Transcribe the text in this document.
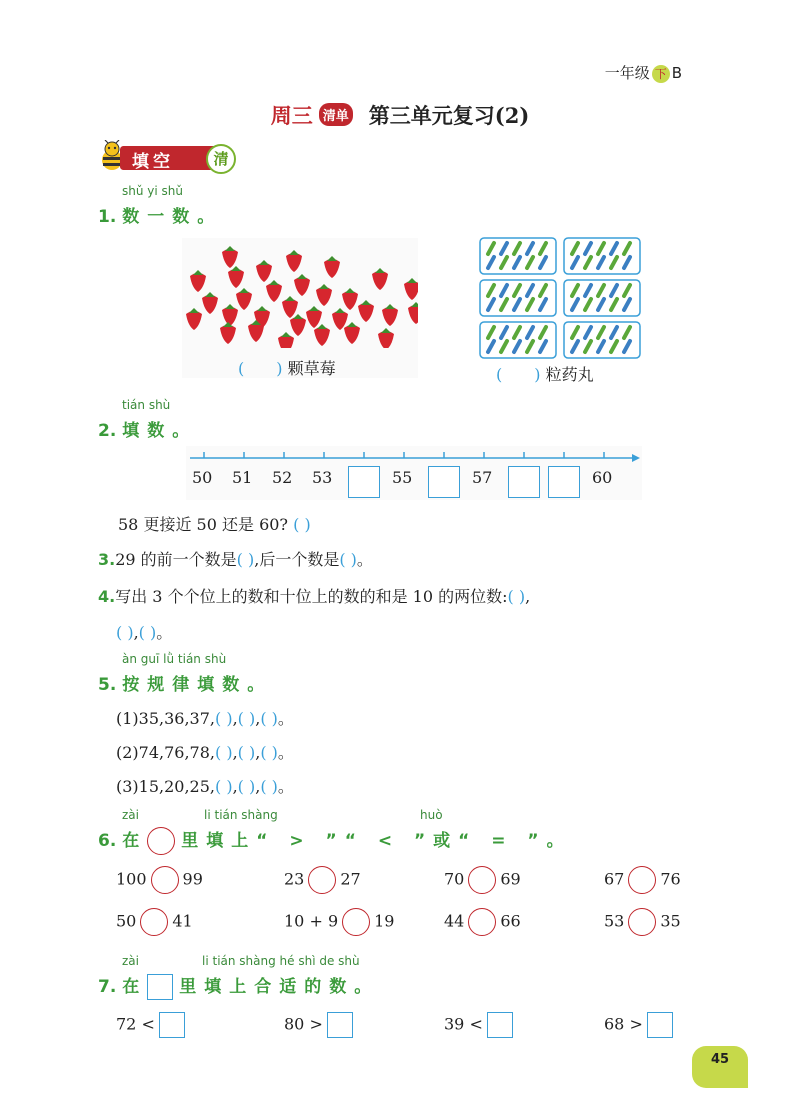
一年级 下 B
周三 清单 第三单元复习(2)
填空	清
shǔ yi shǔ
1. 数一数。
( ) 颗草莓	( ) 粒药丸
tián shù
2. 填数。
50 51 52 53	55	57	60
58 更接近 50 还是 60? ( )
3.29 的前一个数是( ),后一个数是( )。
4.写出 3 个个位上的数和十位上的数的和是 10 的两位数:( ),
( ),( )。
àn guī lǜ tián shù
5. 按规律填数。
(1)35,36,37,( ),( ),( )。
(2)74,76,78,( ),( ),( )。
(3)15,20,25,( ),( ),( )。
zài	li tián shàng	huò
6. 在 里填上“ > ”“ < ”或“ = ”。
100 99	23 27	70 69	67 76
50 41	10 + 9 19	44 66	53 35
zài	li tián shàng hé shì de shù
7. 在 里填上合适的数。
72 <	80 >	39 <	68 >
45
